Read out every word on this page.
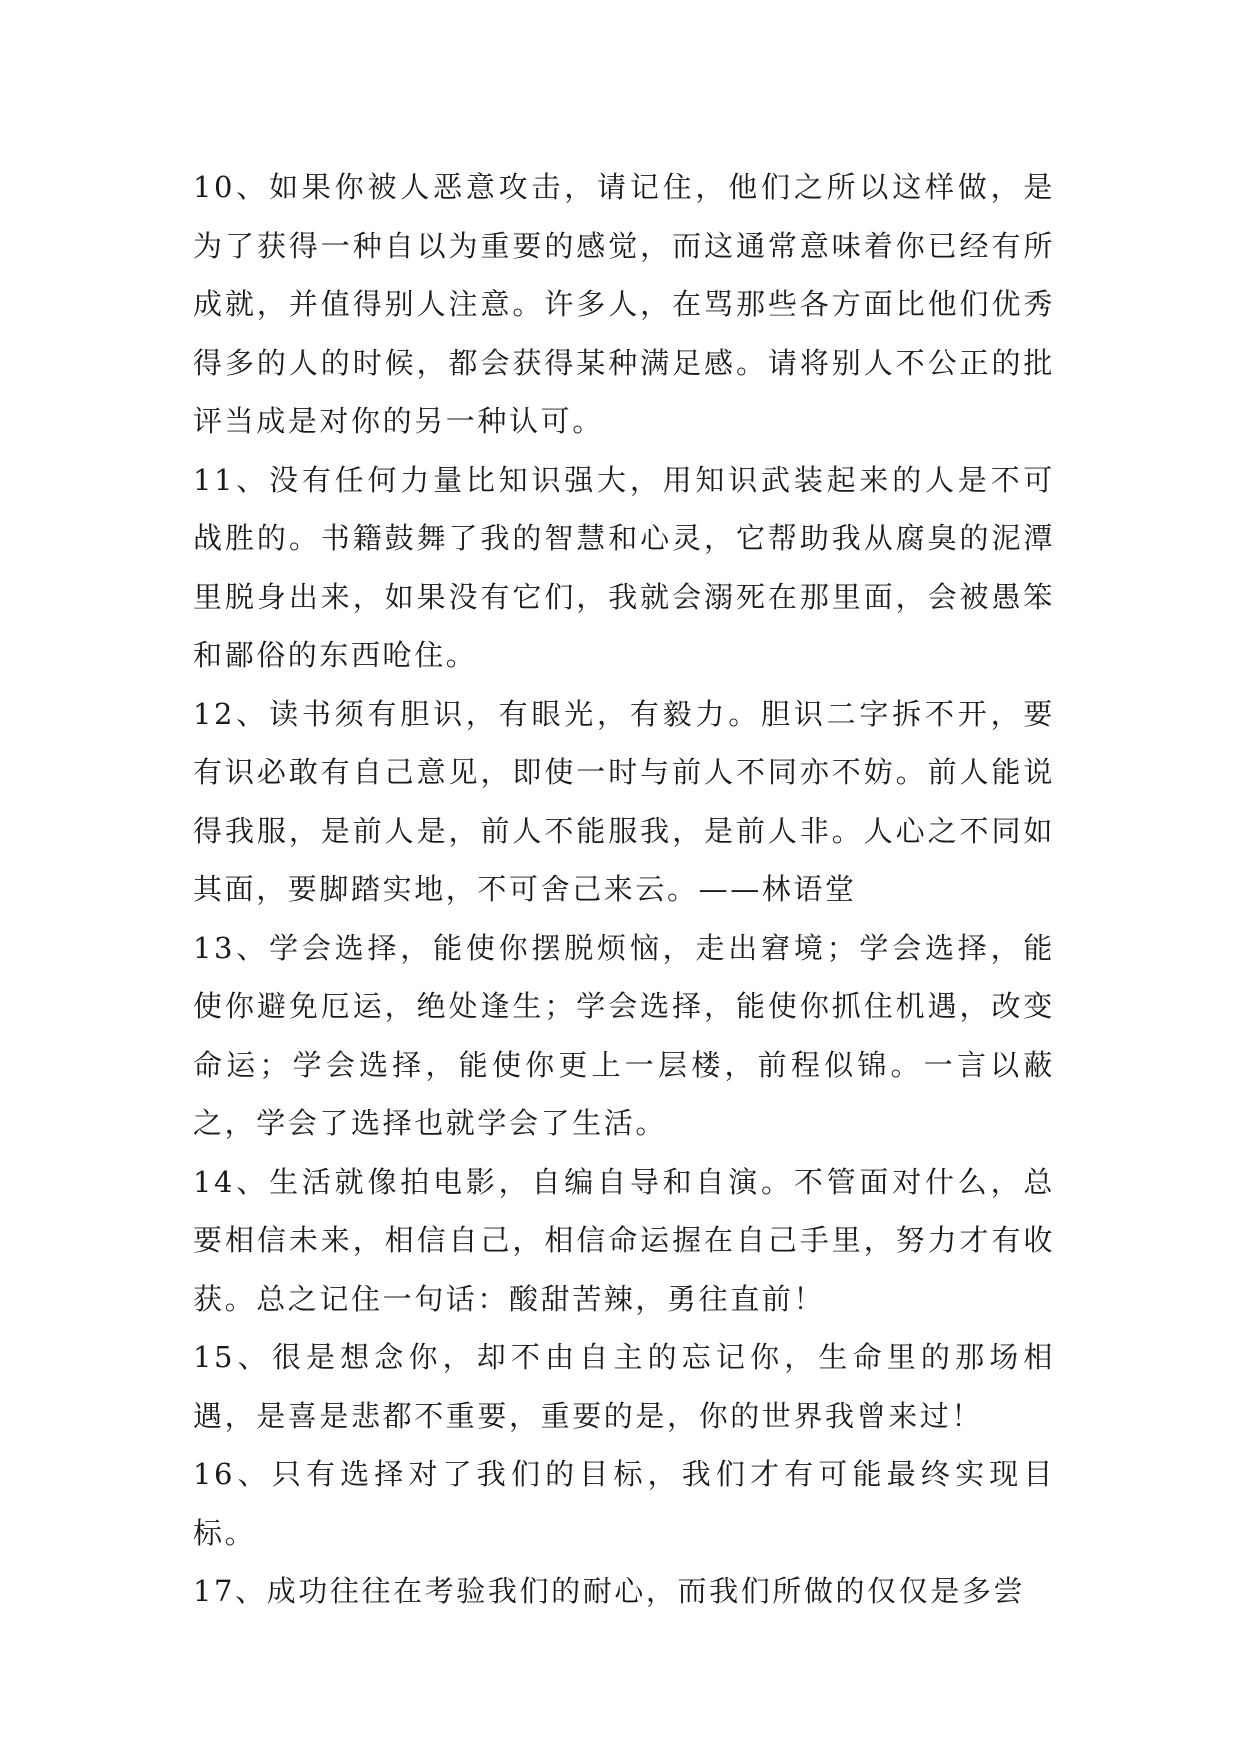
10、如果你被人恶意攻击，请记住，他们之所以这样做，是为了获得一种自以为重要的感觉，而这通常意味着你已经有所成就，并值得别人注意。许多人，在骂那些各方面比他们优秀得多的人的时候，都会获得某种满足感。请将别人不公正的批评当成是对你的另一种认可。

11、没有任何力量比知识强大，用知识武装起来的人是不可战胜的。书籍鼓舞了我的智慧和心灵，它帮助我从腐臭的泥潭里脱身出来，如果没有它们，我就会溺死在那里面，会被愚笨和鄙俗的东西呛住。

12、读书须有胆识，有眼光，有毅力。胆识二字拆不开，要有识必敢有自己意见，即使一时与前人不同亦不妨。前人能说得我服，是前人是，前人不能服我，是前人非。人心之不同如其面，要脚踏实地，不可舍己来云。——林语堂

13、学会选择，能使你摆脱烦恼，走出窘境；学会选择，能使你避免厄运，绝处逢生；学会选择，能使你抓住机遇，改变命运；学会选择，能使你更上一层楼，前程似锦。一言以蔽之，学会了选择也就学会了生活。

14、生活就像拍电影，自编自导和自演。不管面对什么，总要相信未来，相信自己，相信命运握在自己手里，努力才有收获。总之记住一句话：酸甜苦辣，勇往直前！

15、很是想念你，却不由自主的忘记你，生命里的那场相遇，是喜是悲都不重要，重要的是，你的世界我曾来过！

16、只有选择对了我们的目标，我们才有可能最终实现目标。

17、成功往往在考验我们的耐心，而我们所做的仅仅是多尝
